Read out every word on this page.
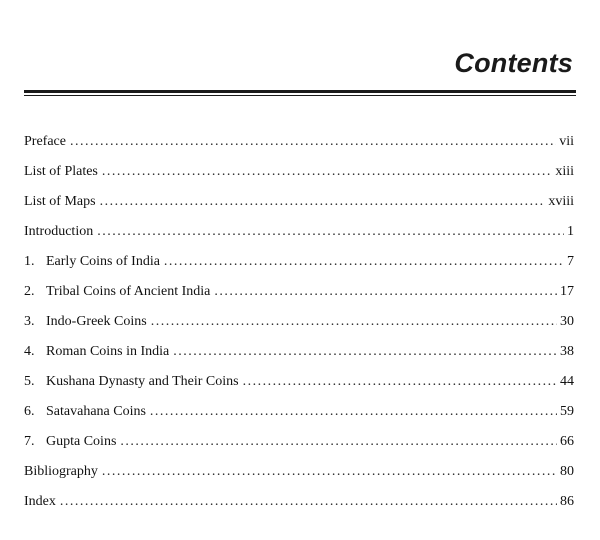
Contents
Preface . . .	vii
List of Plates . . .	xiii
List of Maps . . .	xviii
Introduction . . .	1
1. Early Coins of India . . .	7
2. Tribal Coins of Ancient India . . .	17
3. Indo-Greek Coins . . .	30
4. Roman Coins in India . . .	38
5. Kushana Dynasty and Their Coins . . .	44
6. Satavahana Coins . . .	59
7. Gupta Coins . . .	66
Bibliography . . .	80
Index . . .	86
